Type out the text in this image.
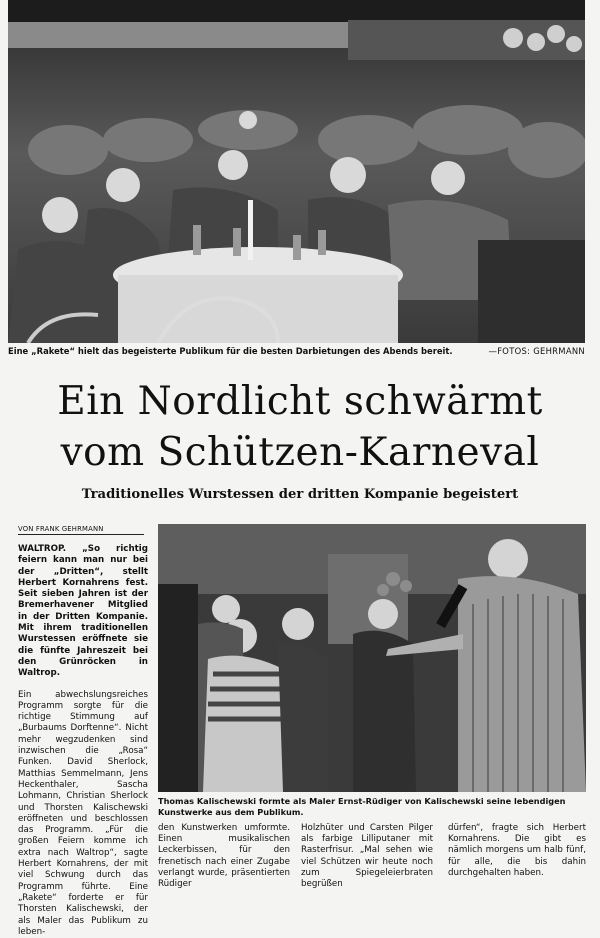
Eine „Rakete“ hielt das begeisterte Publikum für die besten Darbietungen des Abends bereit.	—FOTOS: GEHRMANN
Ein Nordlicht schwärmt
vom Schützen-Karneval
Traditionelles Wurstessen der dritten Kompanie begeistert
VON FRANK GEHRMANN

WALTROP. „So richtig feiern kann man nur bei der „Dritten“, stellt Herbert Kornahrens fest. Seit sieben Jahren ist der Bremerhavener Mitglied in der Dritten Kompanie. Mit ihrem traditionellen Wurstessen eröffnete sie die fünfte Jahreszeit bei den Grünröcken in Waltrop.

Ein abwechslungsreiches Programm sorgte für die richtige Stimmung auf „Burbaums Dorftenne“. Nicht mehr wegzudenken sind inzwischen die „Rosa“ Funken. David Sherlock, Matthias Semmelmann, Jens Heckenthaler, Sascha Lohmann, Christian Sherlock und Thorsten Kalischewski eröffneten und beschlossen das Programm. „Für die großen Feiern komme ich extra nach Waltrop“, sagte Herbert Kornahrens, der mit viel Schwung durch das Programm führte. Eine „Rakete“ forderte er für Thorsten Kalischewski, der als Maler das Publikum zu leben-

Thomas Kalischewski formte als Maler Ernst-Rüdiger von Kalischewski seine lebendigen Kunstwerke aus dem Publikum.

den Kunstwerken umformte. Einen musikalischen Leckerbissen, für den frenetisch nach einer Zugabe verlangt wurde, präsentierten Rüdiger

Holzhüter und Carsten Pilger als farbige Lilliputaner mit Rasterfrisur. „Mal sehen wie viel Schützen wir heute noch zum Spiegeleierbraten begrüßen

dürfen“, fragte sich Herbert Kornahrens. Die gibt es nämlich morgens um halb fünf, für alle, die bis dahin durchgehalten haben.
